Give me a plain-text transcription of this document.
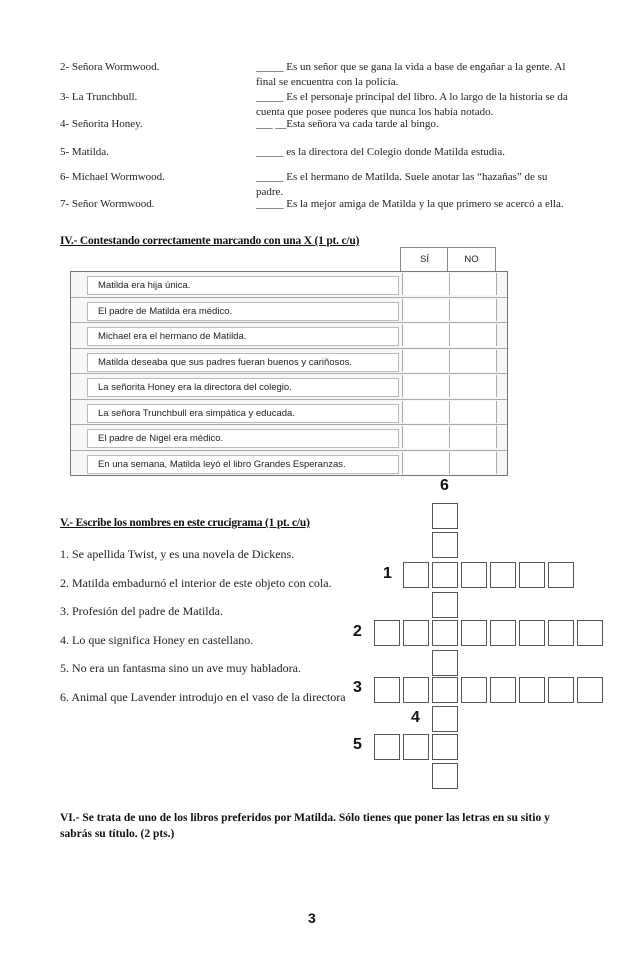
2- Señora Wormwood.	_____ Es un señor que se gana la vida a base de engañar a la gente. Al final se encuentra con la policía.
3- La Trunchbull.	_____ Es el personaje principal del libro. A lo largo de la historia se da cuenta que posee poderes que nunca los había notado.
4- Señorita Honey.	___ __Esta señora va cada tarde al bingo.
5- Matilda.	_____ es la directora del Colegio donde Matilda estudia.
6- Michael Wormwood.	_____ Es el hermano de Matilda. Suele anotar las “hazañas” de su padre.
7- Señor Wormwood.	_____ Es la mejor amiga de Matilda y la que primero se acercó a ella.
IV.- Contestando correctamente marcando con una X (1 pt. c/u)
SÍ	NO
Matilda era hija única.
El padre de Matilda era médico.
Michael era el hermano de Matilda.
Matilda deseaba que sus padres fueran buenos y cariñosos.
La señorita Honey era la directora del colegio.
La señora Trunchbull era simpática y educada.
El padre de Nigel era médico.
En una semana, Matilda leyó el libro Grandes Esperanzas.
V.- Escribe los nombres en este crucigrama (1 pt. c/u)
1. Se apellida Twist, y es una novela de Dickens.
2. Matilda embadurnó el interior de este objeto con cola.
3. Profesión del padre de Matilda.
4. Lo que significa Honey en castellano.
5. No era un fantasma sino un ave muy habladora.
6. Animal que Lavender introdujo en el vaso de la directora
6
1
2
3
4
5
VI.- Se trata de uno de los libros preferidos por Matilda. Sólo tienes que poner las letras en su sitio y sabrás su título. (2 pts.)
3
